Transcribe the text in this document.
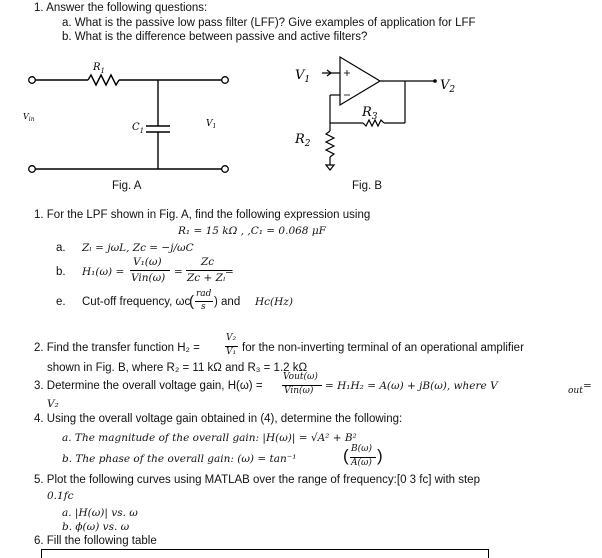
1. Answer the following questions:
a. What is the passive low pass filter (LFF)? Give examples of application for LFF
b. What is the difference between passive and active filters?
$R_1$
$V_{in}$
$C_1$
$V_1$
Fig. A
$V_1$	$V_2$
$R_3$
$R_2$
Fig. B
1. For the LPF shown in Fig. A, find the following expression using
R₁ = 15 kΩ , ,C₁ = 0.068 μF
a. Zₗ = jωL, Zc = −j/ωC
b. H₁(ω) =
V₁(ω)
Vin(ω) =
Zc
Zc + Zₗ =
e. Cut-off frequency, ωc
( rad
s ) and Hc(Hz)
2. Find the transfer function H₂ =
V₂
V₁ for the non-inverting terminal of an operational amplifier
shown in Fig. B, where R₂ = 11 kΩ and R₃ = 1.2 kΩ
3. Determine the overall voltage gain, H(ω) =
Vout(ω)
Vin(ω) = H₁H₂ = A(ω) + jB(ω), where V	out =
V₂
4. Using the overall voltage gain obtained in (4), determine the following:
a. The magnitude of the overall gain: |H(ω)| = √A² + B²
b. The phase of the overall gain: (ω) = tan⁻¹	( B(ω)
A(ω) )
5. Plot the following curves using MATLAB over the range of frequency:[0 3 fc] with step
0.1fc
a. |H(ω)| vs. ω
b. ϕ(ω) vs. ω
6. Fill the following table
